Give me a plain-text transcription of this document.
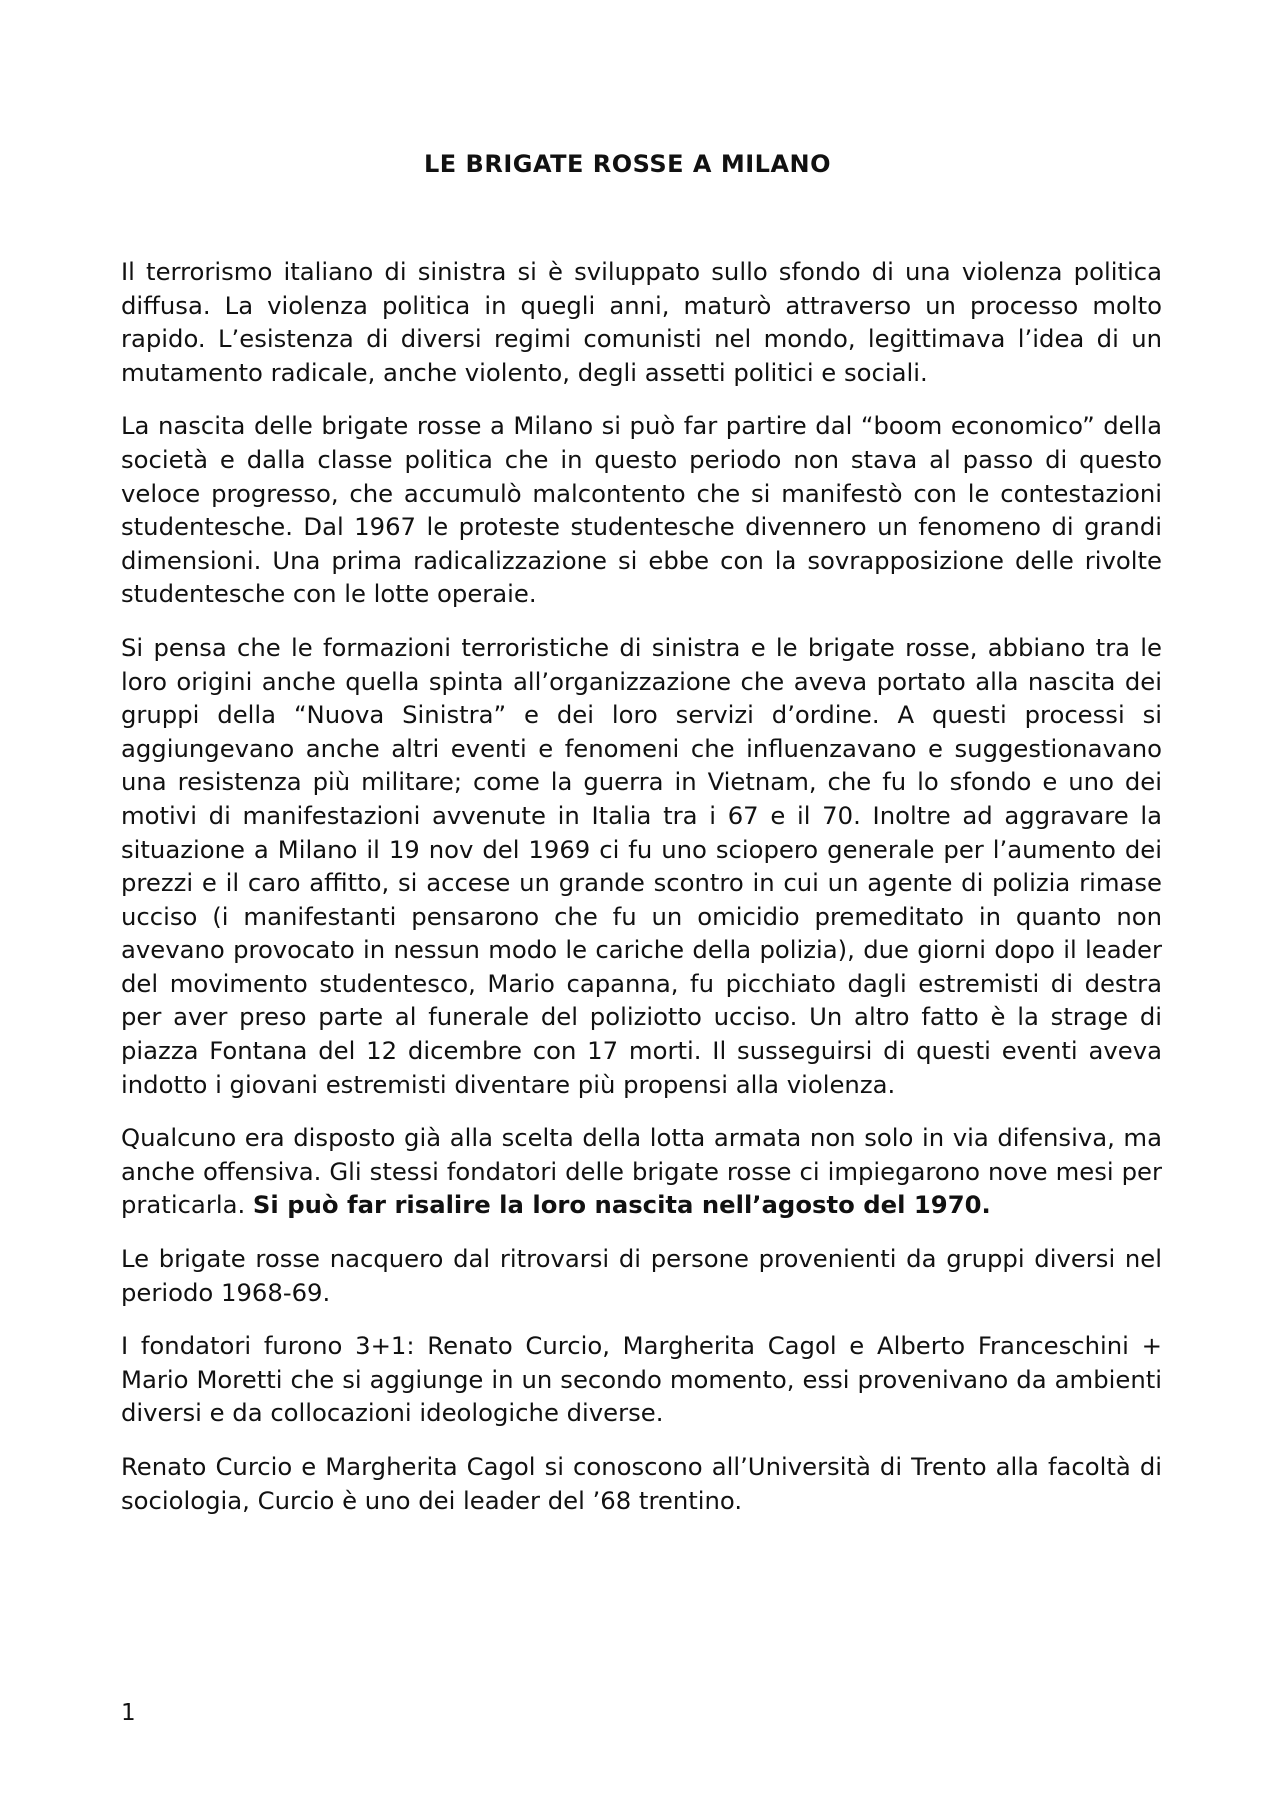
LE BRIGATE ROSSE A MILANO

Il terrorismo italiano di sinistra si è sviluppato sullo sfondo di una violenza politica diffusa. La violenza politica in quegli anni, maturò attraverso un processo molto rapido. L’esistenza di diversi regimi comunisti nel mondo, legittimava l’idea di un mutamento radicale, anche violento, degli assetti politici e sociali.

La nascita delle brigate rosse a Milano si può far partire dal “boom economico” della società e dalla classe politica che in questo periodo non stava al passo di questo veloce progresso, che accumulò malcontento che si manifestò con le contestazioni studentesche. Dal 1967 le proteste studentesche divennero un fenomeno di grandi dimensioni. Una prima radicalizzazione si ebbe con la sovrapposizione delle rivolte studentesche con le lotte operaie.

Si pensa che le formazioni terroristiche di sinistra e le brigate rosse, abbiano tra le loro origini anche quella spinta all’organizzazione che aveva portato alla nascita dei gruppi della “Nuova Sinistra” e dei loro servizi d’ordine. A questi processi si aggiungevano anche altri eventi e fenomeni che influenzavano e suggestionavano una resistenza più militare; come la guerra in Vietnam, che fu lo sfondo e uno dei motivi di manifestazioni avvenute in Italia tra i 67 e il 70. Inoltre ad aggravare la situazione a Milano il 19 nov del 1969 ci fu uno sciopero generale per l’aumento dei prezzi e il caro affitto, si accese un grande scontro in cui un agente di polizia rimase ucciso (i manifestanti pensarono che fu un omicidio premeditato in quanto non avevano provocato in nessun modo le cariche della polizia), due giorni dopo il leader del movimento studentesco, Mario capanna, fu picchiato dagli estremisti di destra per aver preso parte al funerale del poliziotto ucciso. Un altro fatto è la strage di piazza Fontana del 12 dicembre con 17 morti. Il susseguirsi di questi eventi aveva indotto i giovani estremisti diventare più propensi alla violenza.

Qualcuno era disposto già alla scelta della lotta armata non solo in via difensiva, ma anche offensiva. Gli stessi fondatori delle brigate rosse ci impiegarono nove mesi per praticarla. Si può far risalire la loro nascita nell’agosto del 1970.

Le brigate rosse nacquero dal ritrovarsi di persone provenienti da gruppi diversi nel periodo 1968-69.

I fondatori furono 3+1: Renato Curcio, Margherita Cagol e Alberto Franceschini + Mario Moretti che si aggiunge in un secondo momento, essi provenivano da ambienti diversi e da collocazioni ideologiche diverse.

Renato Curcio e Margherita Cagol si conoscono all’Università di Trento alla facoltà di sociologia, Curcio è uno dei leader del ’68 trentino.

1
